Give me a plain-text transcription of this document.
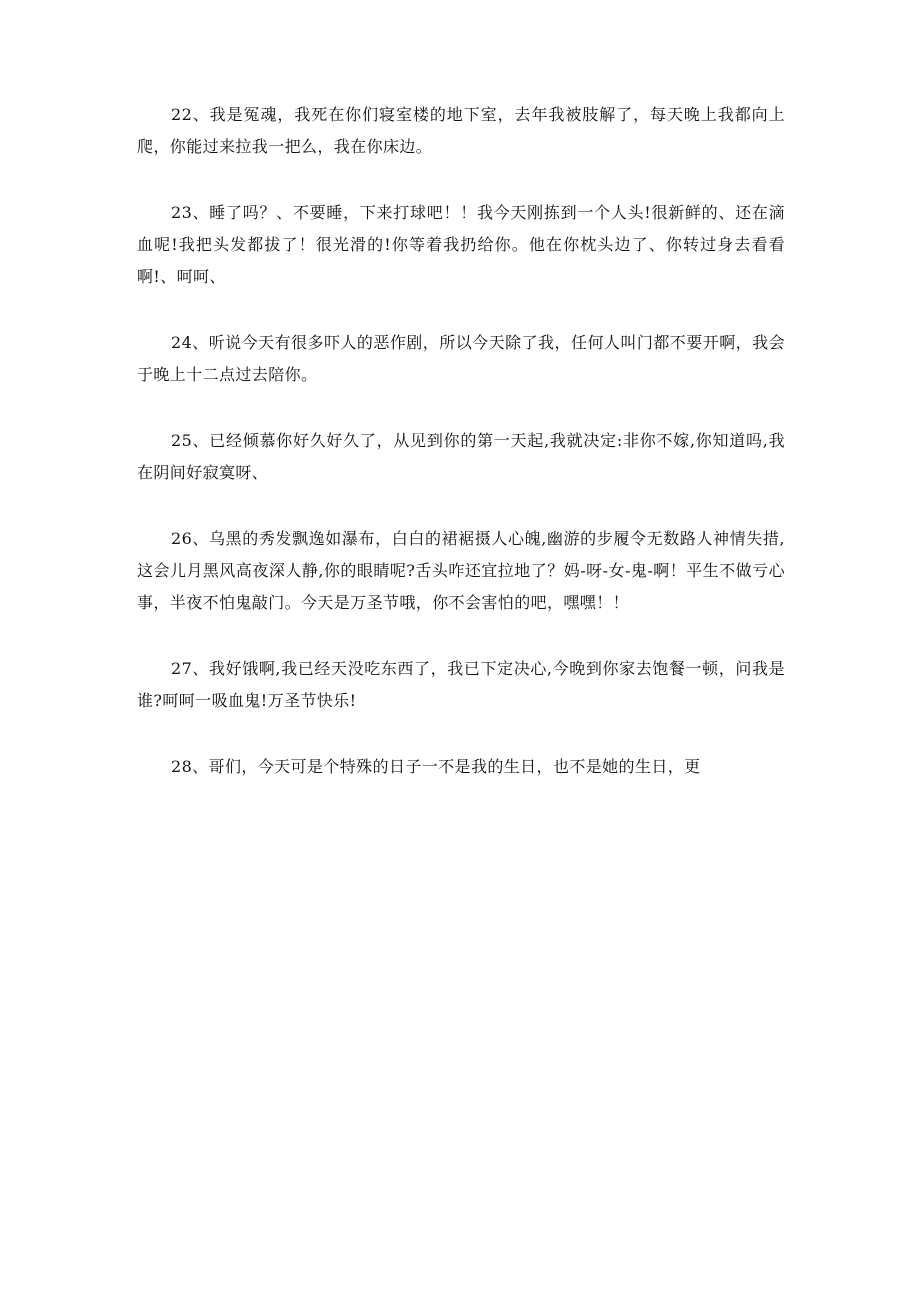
22、我是冤魂，我死在你们寝室楼的地下室，去年我被肢解了，每天晚上我都向上爬，你能过来拉我一把么，我在你床边。

23、睡了吗？、不要睡，下来打球吧！！我今天刚拣到一个人头!很新鲜的、还在滴血呢!我把头发都拔了！很光滑的!你等着我扔给你。他在你枕头边了、你转过身去看看啊!、呵呵、

24、听说今天有很多吓人的恶作剧，所以今天除了我，任何人叫门都不要开啊，我会于晚上十二点过去陪你。

25、已经倾慕你好久好久了，从见到你的第一天起,我就决定:非你不嫁,你知道吗,我在阴间好寂寞呀、

26、乌黑的秀发飘逸如瀑布，白白的裙裾摄人心魄,幽游的步履令无数路人神情失措,这会儿月黑风高夜深人静,你的眼睛呢?舌头咋还宜拉地了？妈-呀-女-鬼-啊！平生不做亏心事，半夜不怕鬼敲门。今天是万圣节哦，你不会害怕的吧，嘿嘿！！

27、我好饿啊,我已经天没吃东西了，我已下定决心,今晚到你家去饱餐一顿，问我是谁?呵呵一吸血鬼!万圣节快乐!

28、哥们，今天可是个特殊的日子一不是我的生日，也不是她的生日，更
